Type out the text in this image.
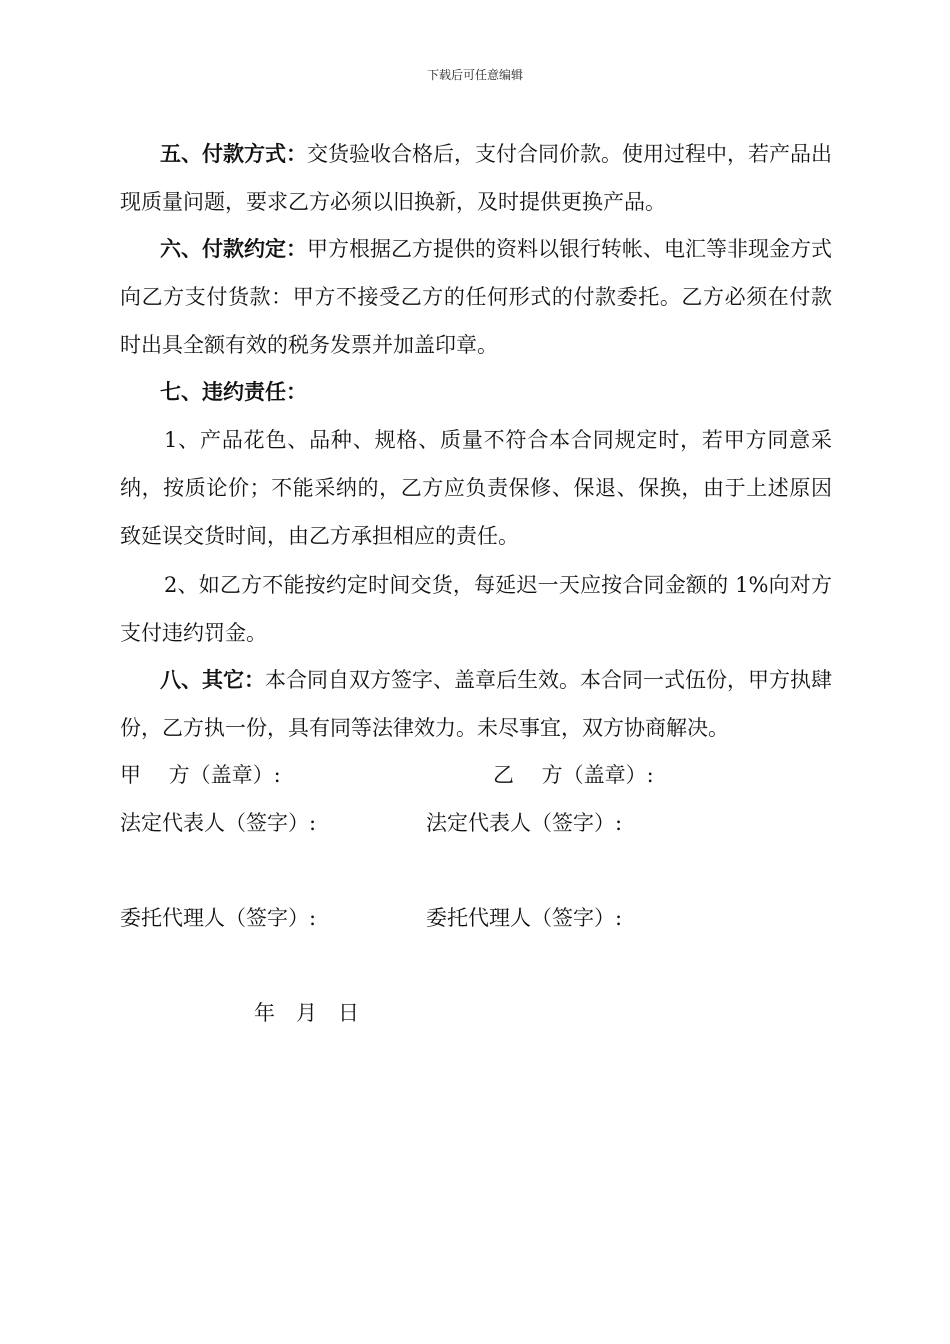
下载后可任意编辑

五、付款方式：交货验收合格后，支付合同价款。使用过程中，若产品出现质量问题，要求乙方必须以旧换新，及时提供更换产品。

六、付款约定：甲方根据乙方提供的资料以银行转帐、电汇等非现金方式向乙方支付货款：甲方不接受乙方的任何形式的付款委托。乙方必须在付款时出具全额有效的税务发票并加盖印章。

七、违约责任：

1、产品花色、品种、规格、质量不符合本合同规定时，若甲方同意采纳，按质论价；不能采纳的，乙方应负责保修、保退、保换，由于上述原因致延误交货时间，由乙方承担相应的责任。

2、如乙方不能按约定时间交货，每延迟一天应按合同金额的 1%向对方支付违约罚金。

八、其它：本合同自双方签字、盖章后生效。本合同一式伍份，甲方执肆份，乙方执一份，具有同等法律效力。未尽事宜，双方协商解决。

甲　 方（盖章）:	乙　 方（盖章）:
法定代表人（签字）:	法定代表人（签字）:
委托代理人（签字）:	委托代理人（签字）:
年　月　日
